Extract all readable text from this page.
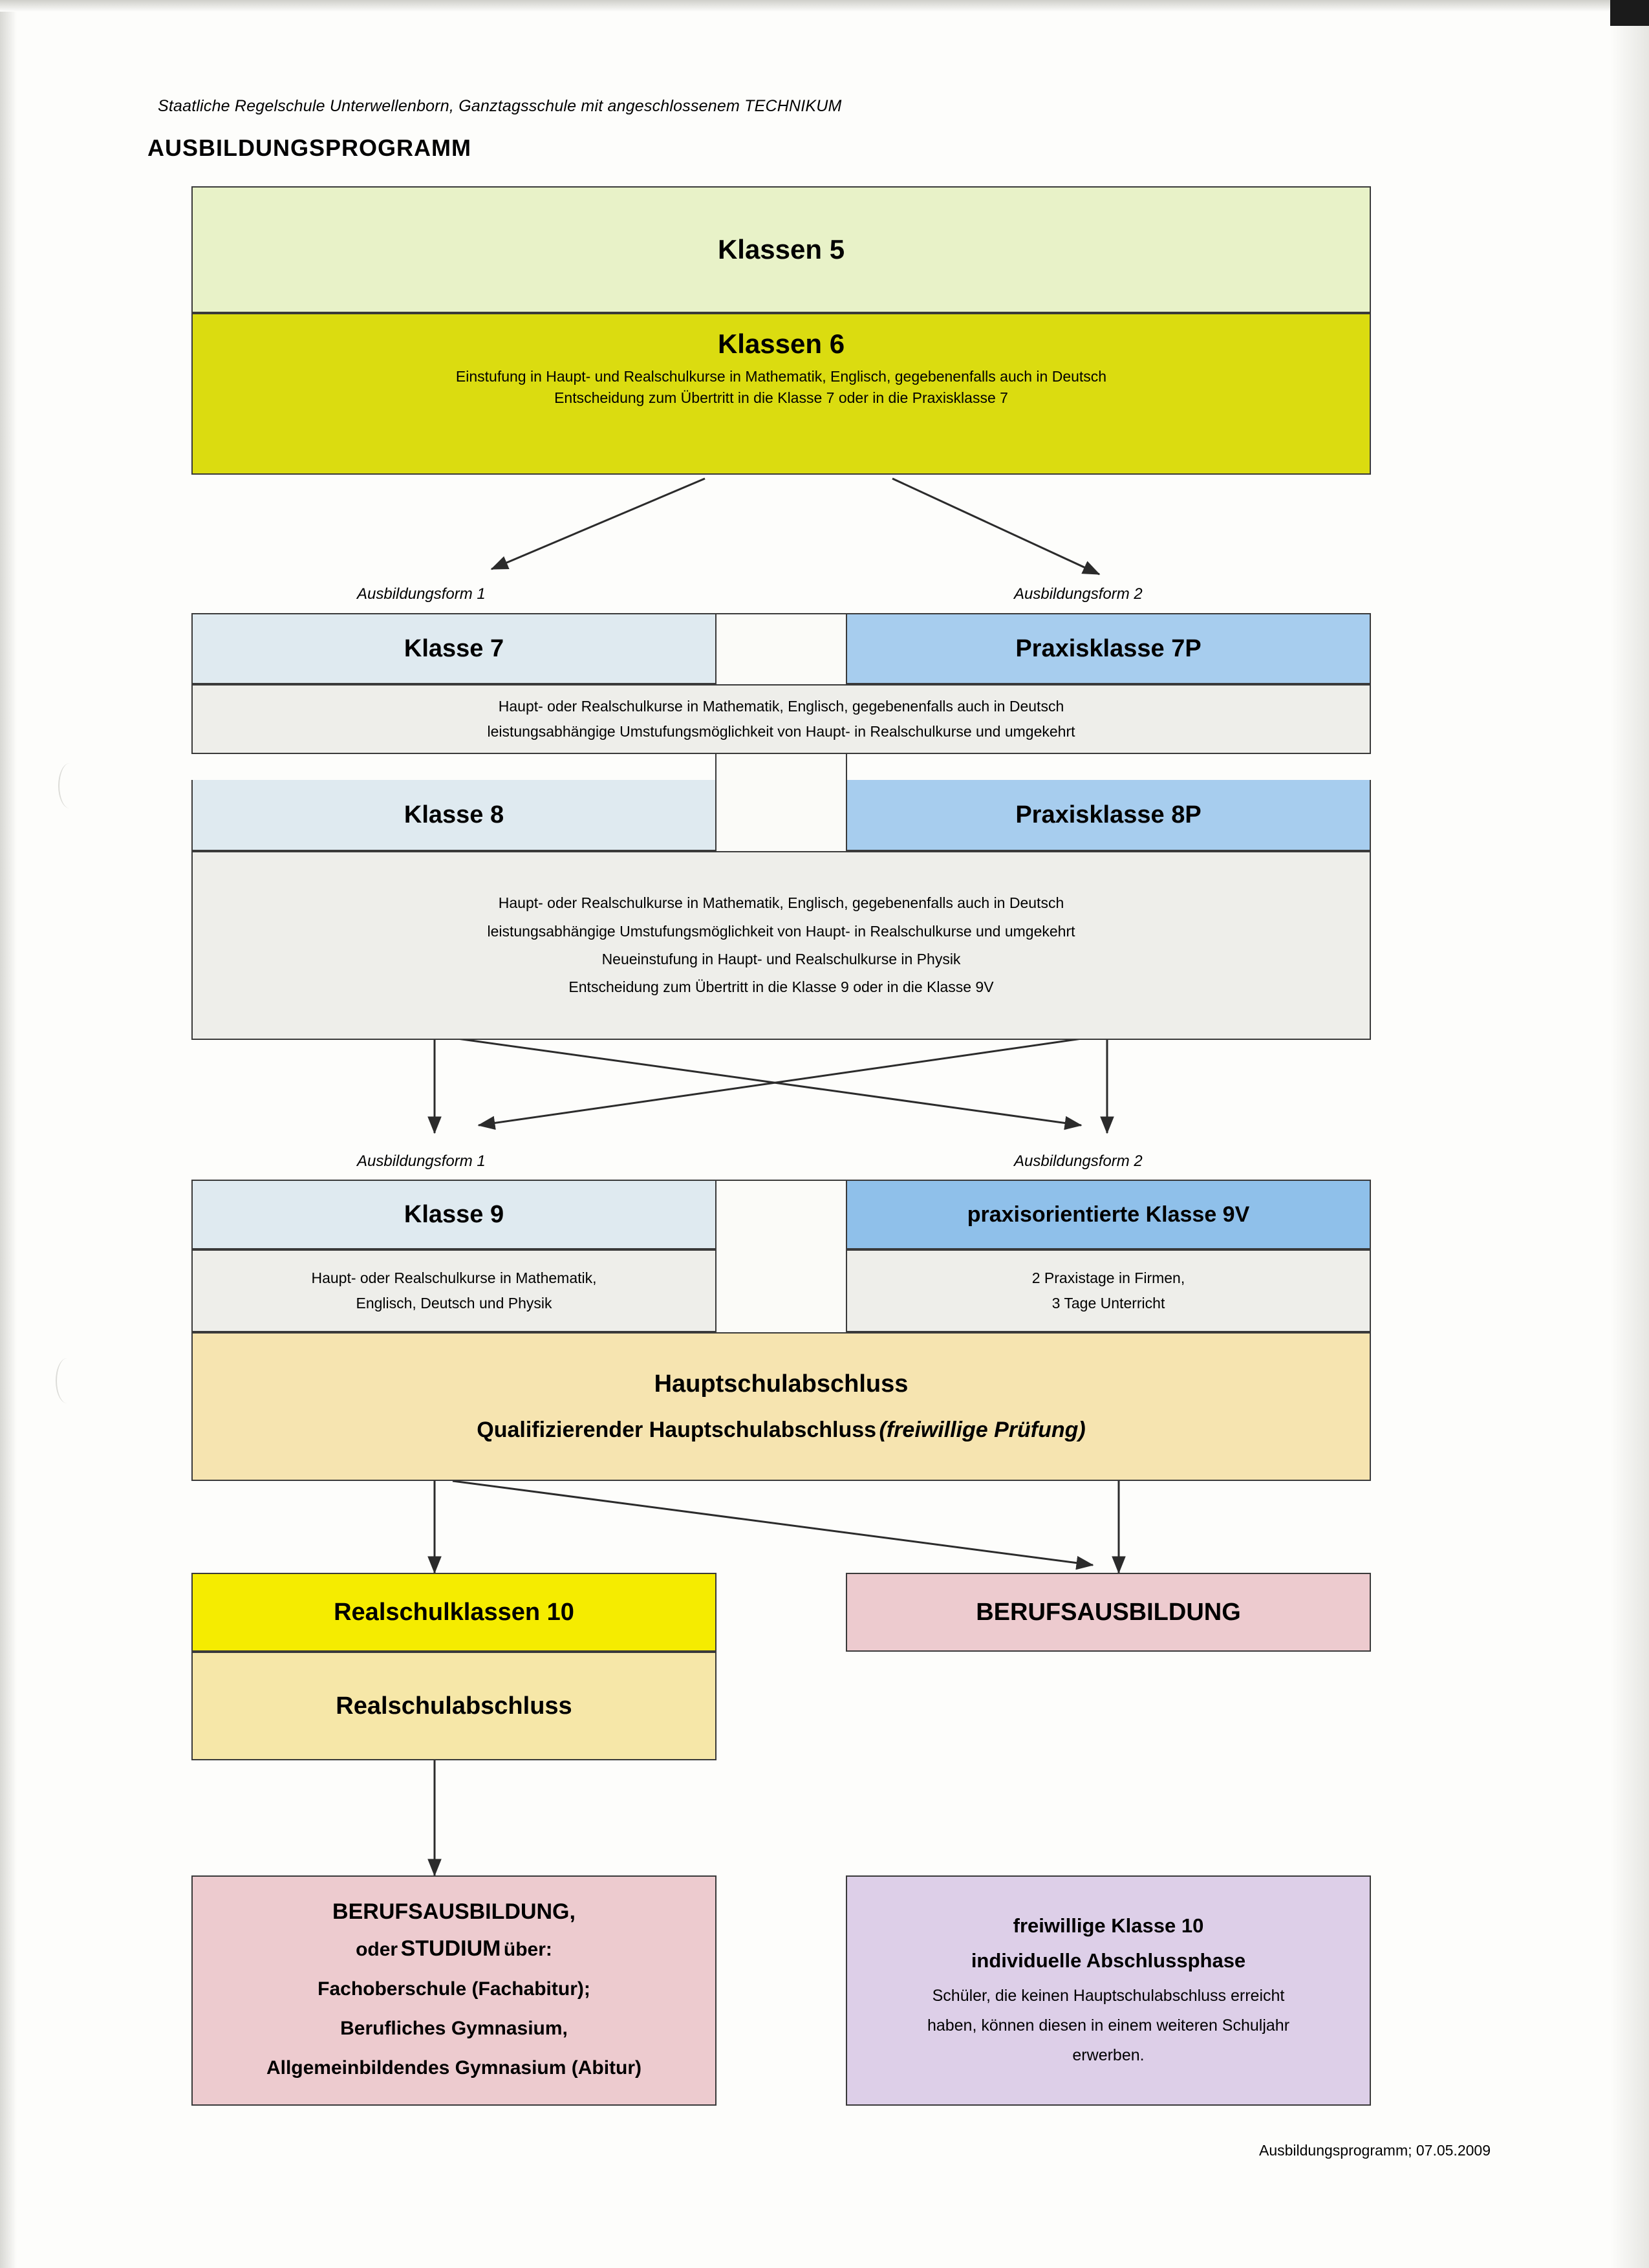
Staatliche Regelschule Unterwellenborn, Ganztagsschule mit angeschlossenem TECHNIKUM
AUSBILDUNGSPROGRAMM
Klassen 5
Klassen 6
Einstufung in Haupt- und Realschulkurse in Mathematik, Englisch, gegebenenfalls auch in Deutsch
Entscheidung zum Übertritt in die Klasse 7 oder in die Praxisklasse 7
Ausbildungsform 1	Ausbildungsform 2
Klasse 7	Praxisklasse 7P
Haupt- oder Realschulkurse in Mathematik, Englisch, gegebenenfalls auch in Deutsch
leistungsabhängige Umstufungsmöglichkeit von Haupt- in Realschulkurse und umgekehrt
Klasse 8	Praxisklasse 8P
Haupt- oder Realschulkurse in Mathematik, Englisch, gegebenenfalls auch in Deutsch
leistungsabhängige Umstufungsmöglichkeit von Haupt- in Realschulkurse und umgekehrt
Neueinstufung in Haupt- und Realschulkurse in Physik
Entscheidung zum Übertritt in die Klasse 9 oder in die Klasse 9V
Ausbildungsform 1	Ausbildungsform 2
Klasse 9	praxisorientierte Klasse 9V
Haupt- oder Realschulkurse in Mathematik,
Englisch, Deutsch und Physik
2 Praxistage in Firmen,
3 Tage Unterricht
Hauptschulabschluss
Qualifizierender Hauptschulabschluss (freiwillige Prüfung)
Realschulklassen 10
Realschulabschluss
BERUFSAUSBILDUNG
BERUFSAUSBILDUNG,
oder STUDIUM über:
Fachoberschule (Fachabitur);
Berufliches Gymnasium,
Allgemeinbildendes Gymnasium (Abitur)
freiwillige Klasse 10
individuelle Abschlussphase
Schüler, die keinen Hauptschulabschluss erreicht
haben, können diesen in einem weiteren Schuljahr
erwerben.
Ausbildungsprogramm; 07.05.2009
